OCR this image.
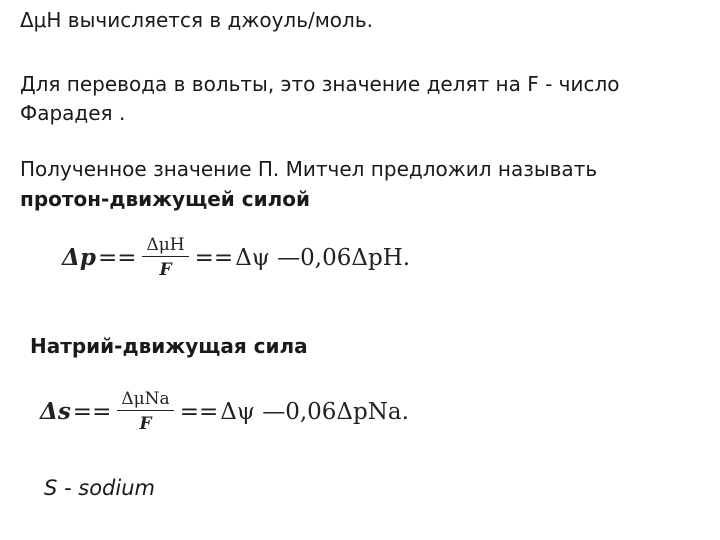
ΔμH вычисляется в джоуль/моль.
Для перевода в вольты, это значение делят на F - число
Фарадея .
Полученное значение П. Митчел предложил называть
протон-движущей силой
$\Delta p == \frac{\text{ΔμH}}{F} == \Delta\psi$ —0,06ΔpH.
Натрий-движущая сила
$\Delta s == \frac{\text{ΔμNa}}{F} == \Delta\psi$ —0,06ΔpNa.
S - sodium
